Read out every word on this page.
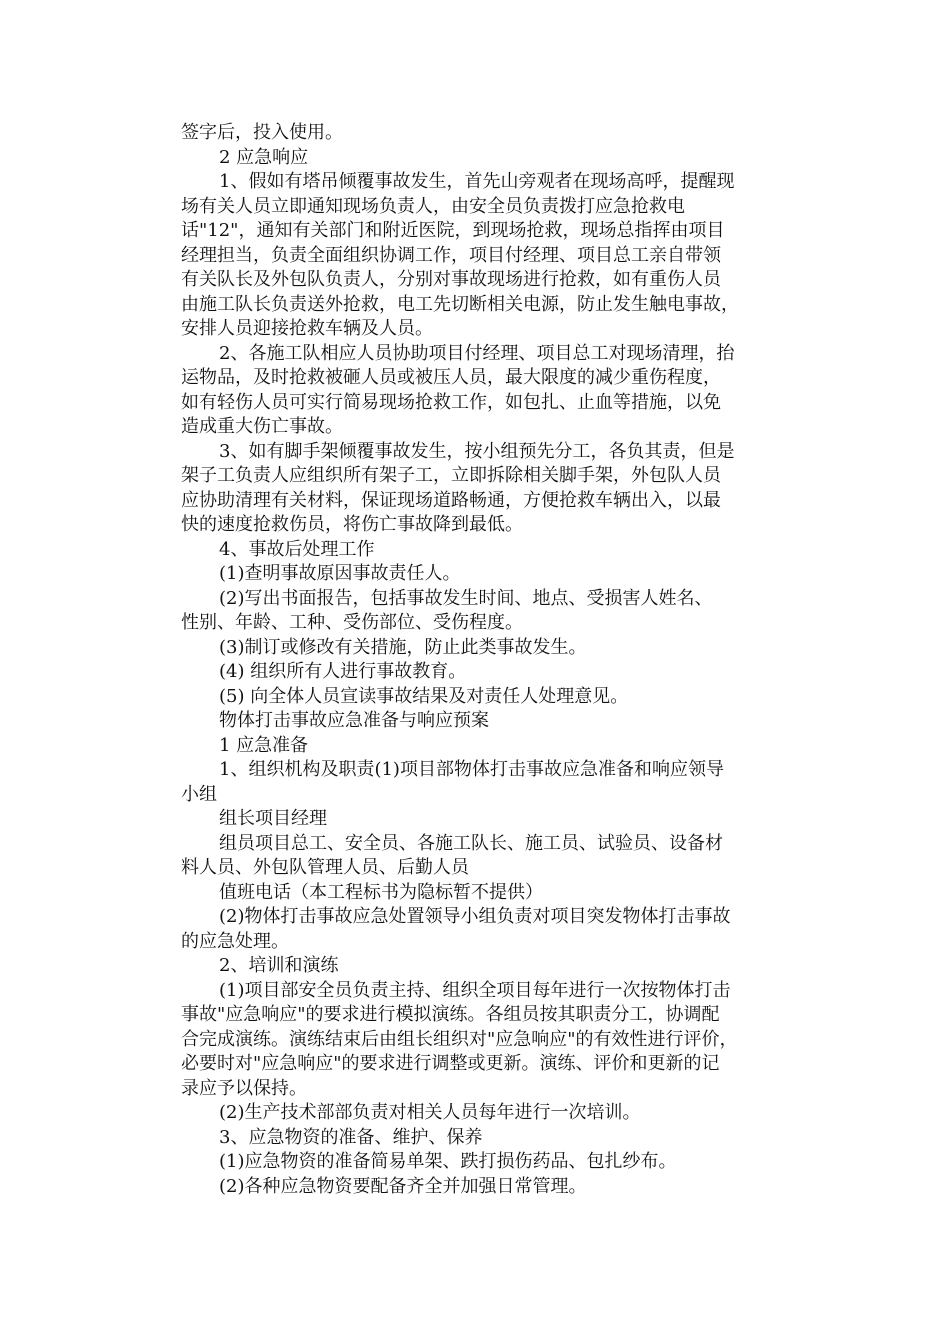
签字后，投入使用。
2 应急响应
1、假如有塔吊倾覆事故发生，首先山旁观者在现场高呼，提醒现
场有关人员立即通知现场负责人，由安全员负责拨打应急抢救电
话"12"，通知有关部门和附近医院，到现场抢救，现场总指挥由项目
经理担当，负责全面组织协调工作，项目付经理、项目总工亲自带领
有关队长及外包队负责人，分别对事故现场进行抢救，如有重伤人员
由施工队长负责送外抢救，电工先切断相关电源，防止发生触电事故，
安排人员迎接抢救车辆及人员。
2、各施工队相应人员协助项目付经理、项目总工对现场清理，抬
运物品，及时抢救被砸人员或被压人员，最大限度的减少重伤程度，
如有轻伤人员可实行简易现场抢救工作，如包扎、止血等措施，以免
造成重大伤亡事故。
3、如有脚手架倾覆事故发生，按小组预先分工，各负其责，但是
架子工负责人应组织所有架子工，立即拆除相关脚手架，外包队人员
应协助清理有关材料，保证现场道路畅通，方便抢救车辆出入，以最
快的速度抢救伤员，将伤亡事故降到最低。
4、事故后处理工作
(1)查明事故原因事故责任人。
(2)写出书面报告，包括事故发生时间、地点、受损害人姓名、
性别、年龄、工种、受伤部位、受伤程度。
(3)制订或修改有关措施，防止此类事故发生。
(4) 组织所有人进行事故教育。
(5) 向全体人员宣读事故结果及对责任人处理意见。
物体打击事故应急准备与响应预案
1 应急准备
1、组织机构及职责(1)项目部物体打击事故应急准备和响应领导
小组
组长项目经理
组员项目总工、安全员、各施工队长、施工员、试验员、设备材
料人员、外包队管理人员、后勤人员
值班电话（本工程标书为隐标暂不提供）
(2)物体打击事故应急处置领导小组负责对项目突发物体打击事故
的应急处理。
2、培训和演练
(1)项目部安全员负责主持、组织全项目每年进行一次按物体打击
事故"应急响应"的要求进行模拟演练。各组员按其职责分工，协调配
合完成演练。演练结束后由组长组织对"应急响应"的有效性进行评价，
必要时对"应急响应"的要求进行调整或更新。演练、评价和更新的记
录应予以保持。
(2)生产技术部部负责对相关人员每年进行一次培训。
3、应急物资的准备、维护、保养
(1)应急物资的准备简易单架、跌打损伤药品、包扎纱布。
(2)各种应急物资要配备齐全并加强日常管理。
